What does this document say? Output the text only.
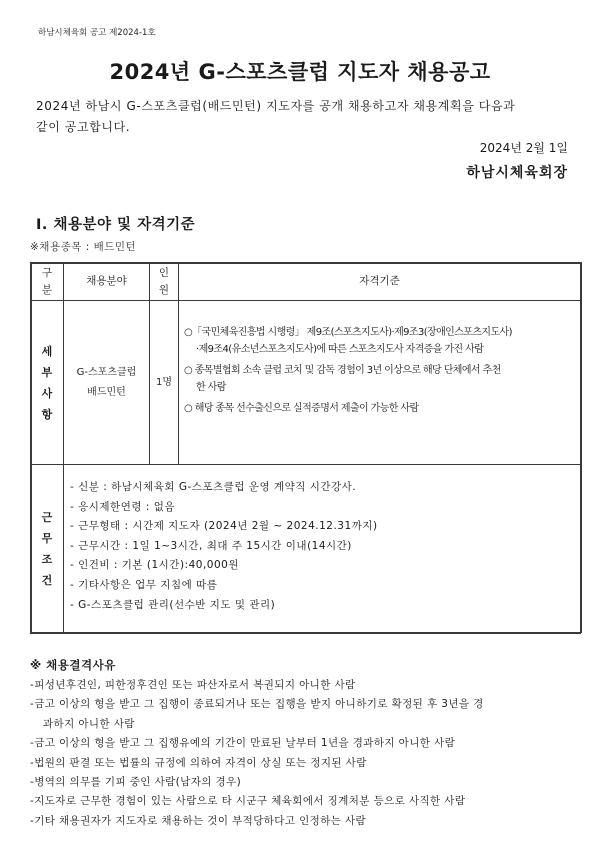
하남시체육회 공고 제2024-1호
2024년 G-스포츠클럽 지도자 채용공고
2024년 하남시 G-스포츠클럽(배드민턴) 지도자를 공개 채용하고자 채용계획을 다음과
같이 공고합니다.
2024년 2월 1일
하남시체육회장
Ⅰ. 채용분야 및 자격기준
※채용종목 : 배드민턴
구
분
채용분야
인
원
자격기준
세
부
사
항
G-스포츠클럽
배드민턴
1명
○「국민체육진흥법 시행령」 제9조(스포츠지도사)·제9조3(장애인스포츠지도사)
·제9조4(유소년스포츠지도사)에 따른 스포츠지도사 자격증을 가진 사람
○ 종목별협회 소속 클럽 코치 및 감독 경험이 3년 이상으로 해당 단체에서 추천
한 사람
○ 해당 종목 선수출신으로 실적증명서 제출이 가능한 사람
근
무
조
건
- 신분 : 하남시체육회 G-스포츠클럽 운영 계약직 시간강사.
- 응시제한연령 : 없음
- 근무형태 : 시간제 지도자 (2024년 2월 ~ 2024.12.31까지)
- 근무시간 : 1일 1~3시간, 최대 주 15시간 이내(14시간)
- 인건비 : 기본 (1시간):40,000원
- 기타사항은 업무 지침에 따름
- G-스포츠클럽 관리(선수반 지도 및 관리)
※ 채용결격사유
-피성년후견인, 피한정후견인 또는 파산자로서 복권되지 아니한 사람
-금고 이상의 형을 받고 그 집행이 종료되거나 또는 집행을 받지 아니하기로 확정된 후 3년을 경
과하지 아니한 사람
-금고 이상의 형을 받고 그 집행유예의 기간이 만료된 날부터 1년을 경과하지 아니한 사람
-법원의 판결 또는 법률의 규정에 의하여 자격이 상실 또는 정지된 사람
-병역의 의무를 기피 중인 사람(남자의 경우)
-지도자로 근무한 경험이 있는 사람으로 타 시군구 체육회에서 징계처분 등으로 사직한 사람
-기타 채용권자가 지도자로 채용하는 것이 부적당하다고 인정하는 사람
